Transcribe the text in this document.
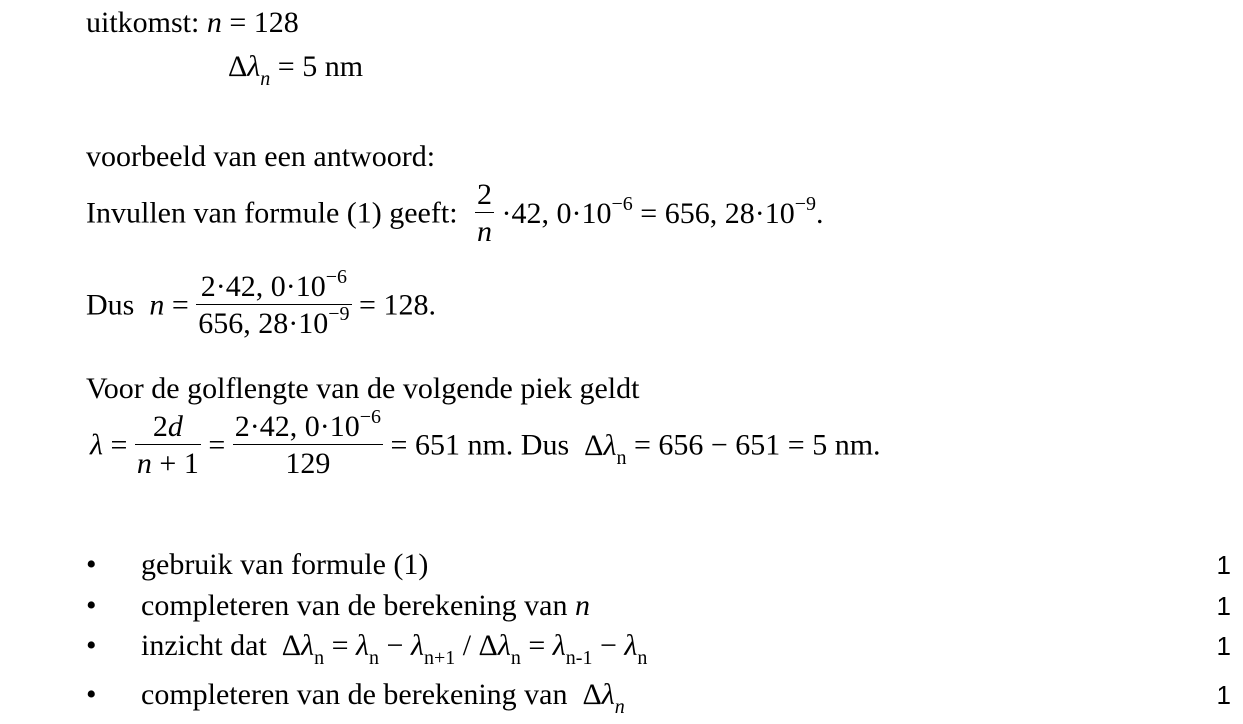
uitkomst: n = 128
$\Delta\lambda_n = 5$ nm
voorbeeld van een antwoord:
Invullen van formule (1) geeft: $\frac{2}{n} \cdot 42$, $0\cdot 10^{-6} = 656$, $28\cdot 10^{-9}$.
Dus $n = \frac{2\cdot 42, 0\cdot 10^{-6}}{656, 28\cdot 10^{-9}} = 128$.
Voor de golflengte van de volgende piek geldt
$\lambda = \frac{2d}{n + 1} = \frac{2\cdot 42, 0\cdot 10^{-6}}{129} = 651$ nm. Dus  $\Delta\lambda_n = 656 - 651 = 5$ nm.
• gebruik van formule (1)	1
• completeren van de berekening van n	1
• inzicht dat  $\Delta\lambda_n = \lambda_n - \lambda_{n+1} / \Delta\lambda_n = \lambda_{n-1} - \lambda_n$	1
• completeren van de berekening van  $\Delta\lambda_n$	1
